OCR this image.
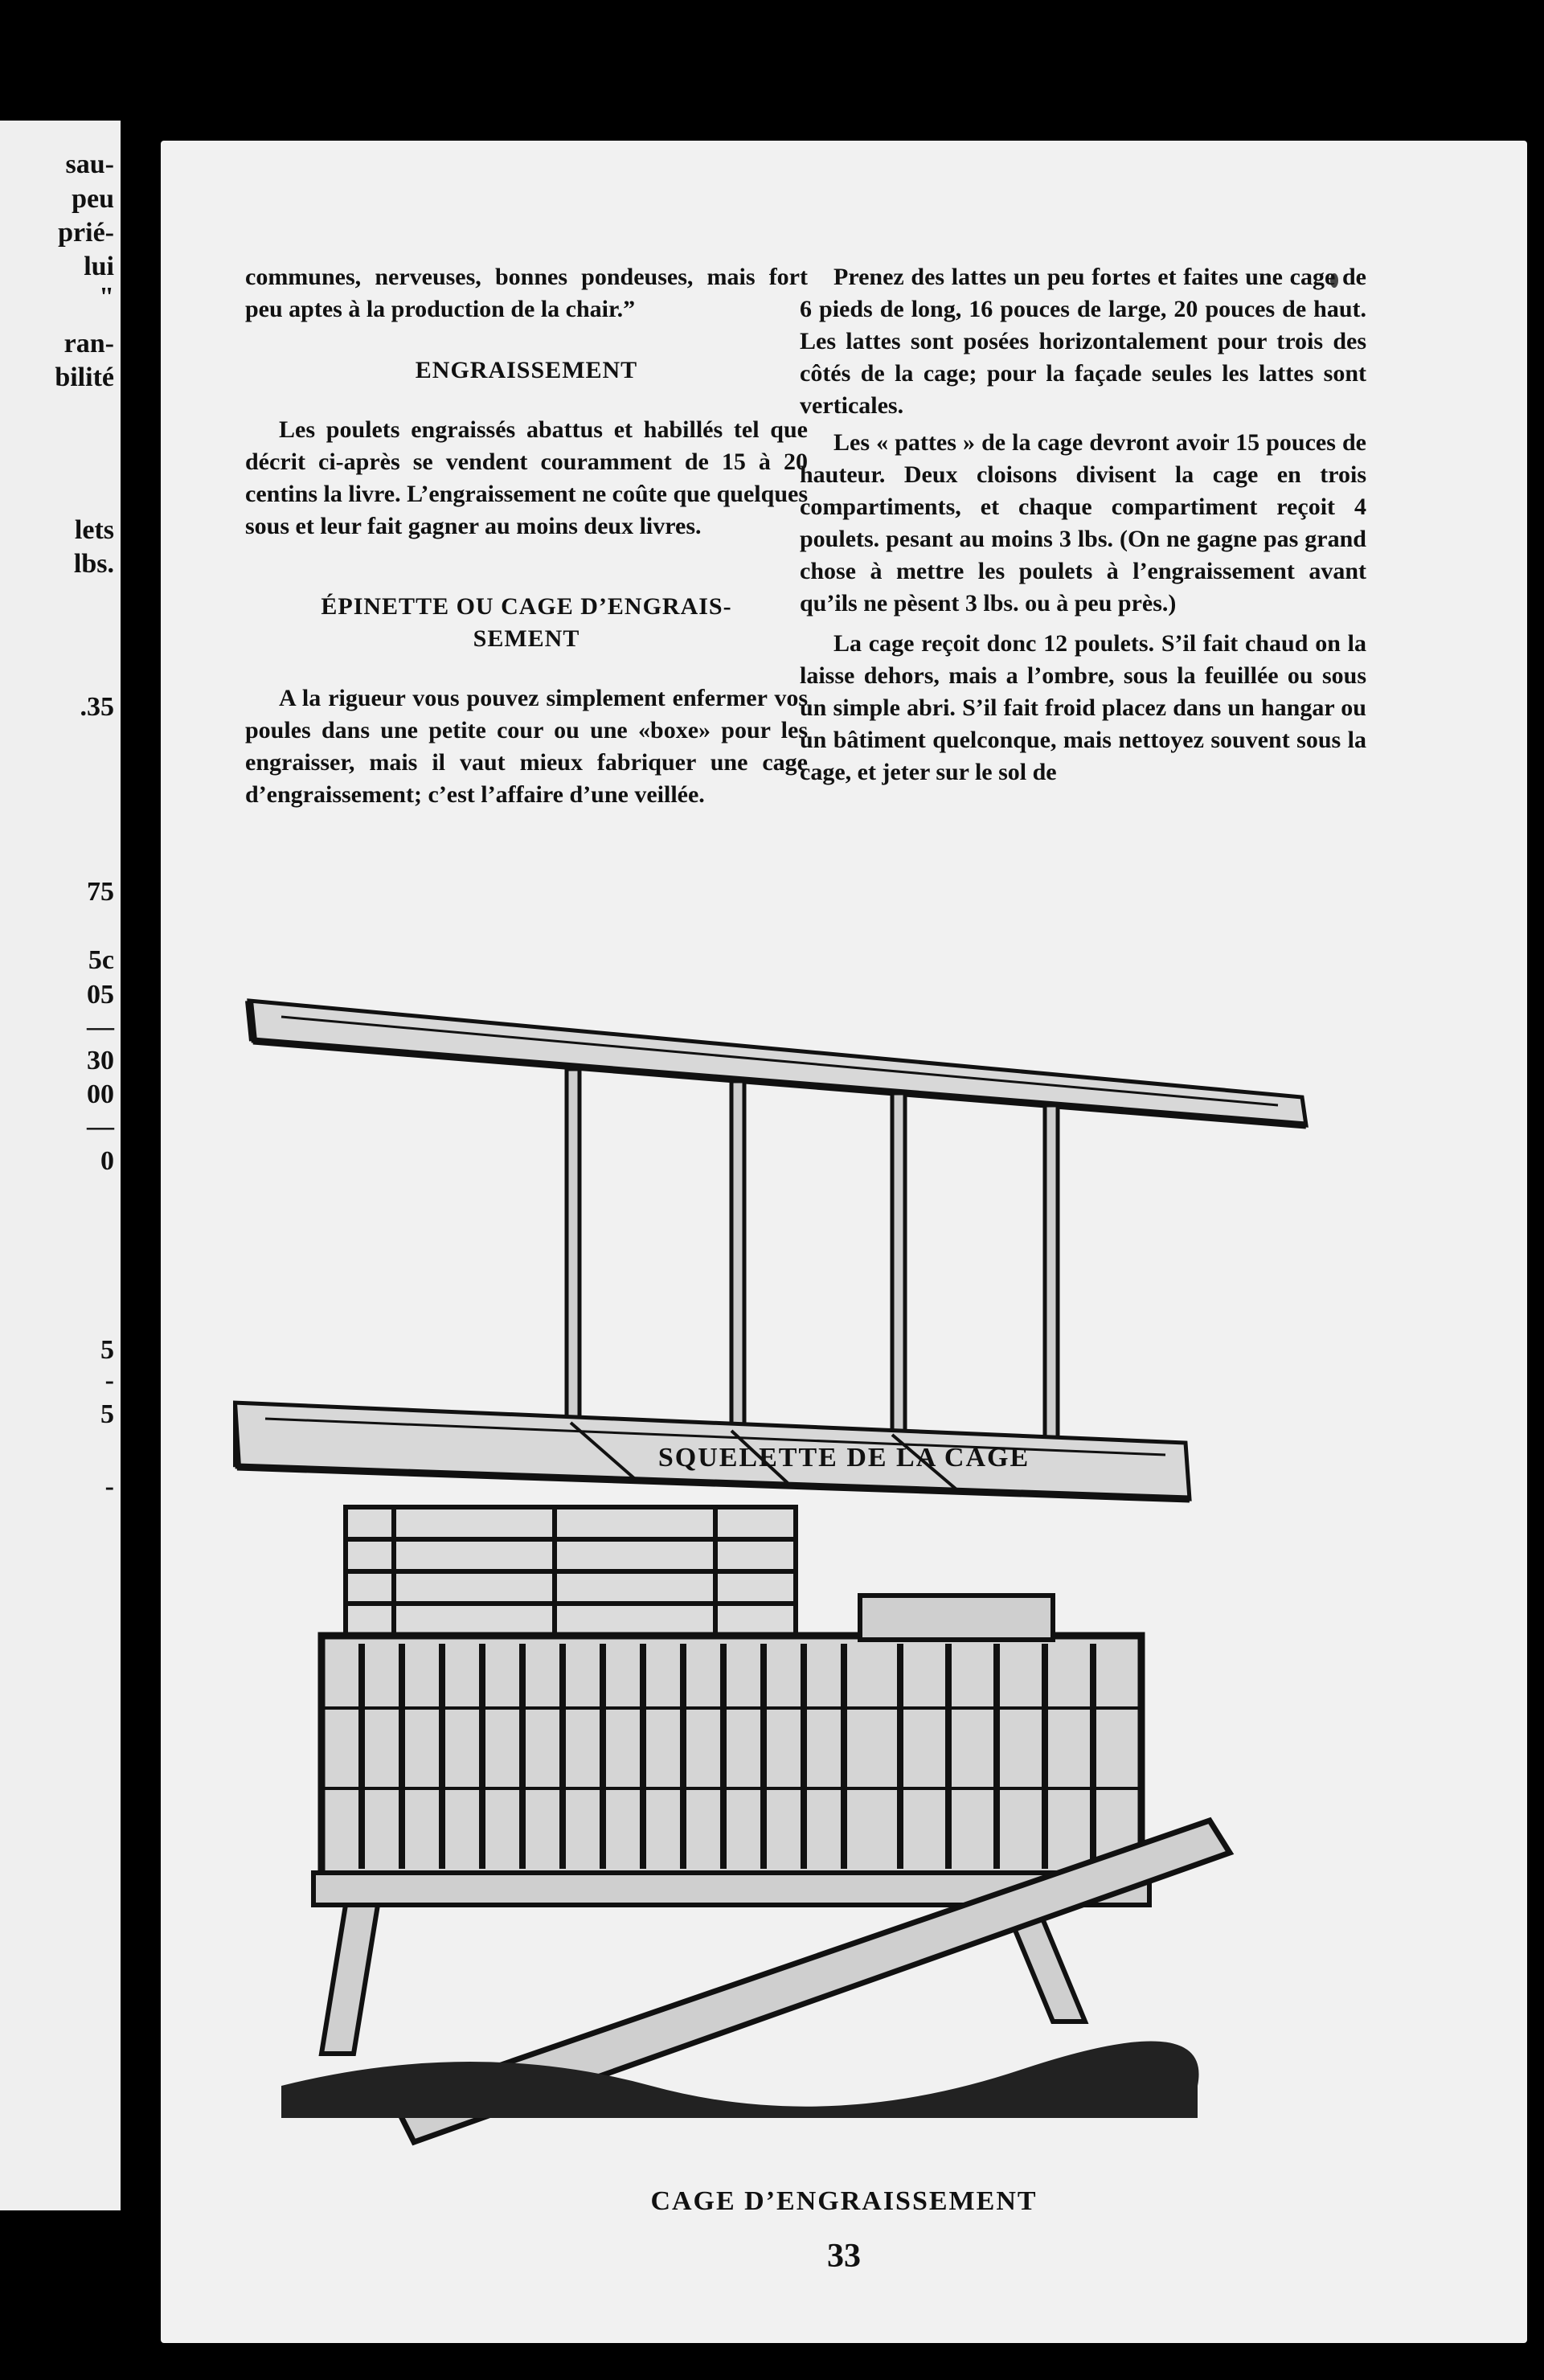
sau-
peu
prié-
lui
"
ran-
bilité
lets
lbs.
.35
75
5c
05
—
30
00
—
0
5
-
5
-

communes, nerveuses, bonnes pondeuses, mais fort peu aptes à la production de la chair.”

ENGRAISSEMENT

Les poulets engraissés abattus et habillés tel que décrit ci-après se vendent couramment de 15 à 20 centins la livre. L’engraissement ne coûte que quelques sous et leur fait gagner au moins deux livres.

ÉPINETTE OU CAGE D’ENGRAIS-SEMENT

A la rigueur vous pouvez simplement enfermer vos poules dans une petite cour ou une «boxe» pour les engraisser, mais il vaut mieux fabriquer une cage d’engraissement; c’est l’affaire d’une veillée.

Prenez des lattes un peu fortes et faites une cage de 6 pieds de long, 16 pouces de large, 20 pouces de haut. Les lattes sont posées horizontalement pour trois des côtés de la cage; pour la façade seules les lattes sont verticales.

Les « pattes » de la cage devront avoir 15 pouces de hauteur. Deux cloisons divisent la cage en trois compartiments, et chaque compartiment reçoit 4 poulets. pesant au moins 3 lbs. (On ne gagne pas grand chose à mettre les poulets à l’engraissement avant qu’ils ne pèsent 3 lbs. ou à peu près.)

La cage reçoit donc 12 poulets. S’il fait chaud on la laisse dehors, mais a l’ombre, sous la feuillée ou sous un simple abri. S’il fait froid placez dans un hangar ou un bâtiment quelconque, mais nettoyez souvent sous la cage, et jeter sur le sol de

SQUELETTE DE LA CAGE
CAGE D’ENGRAISSEMENT
33
